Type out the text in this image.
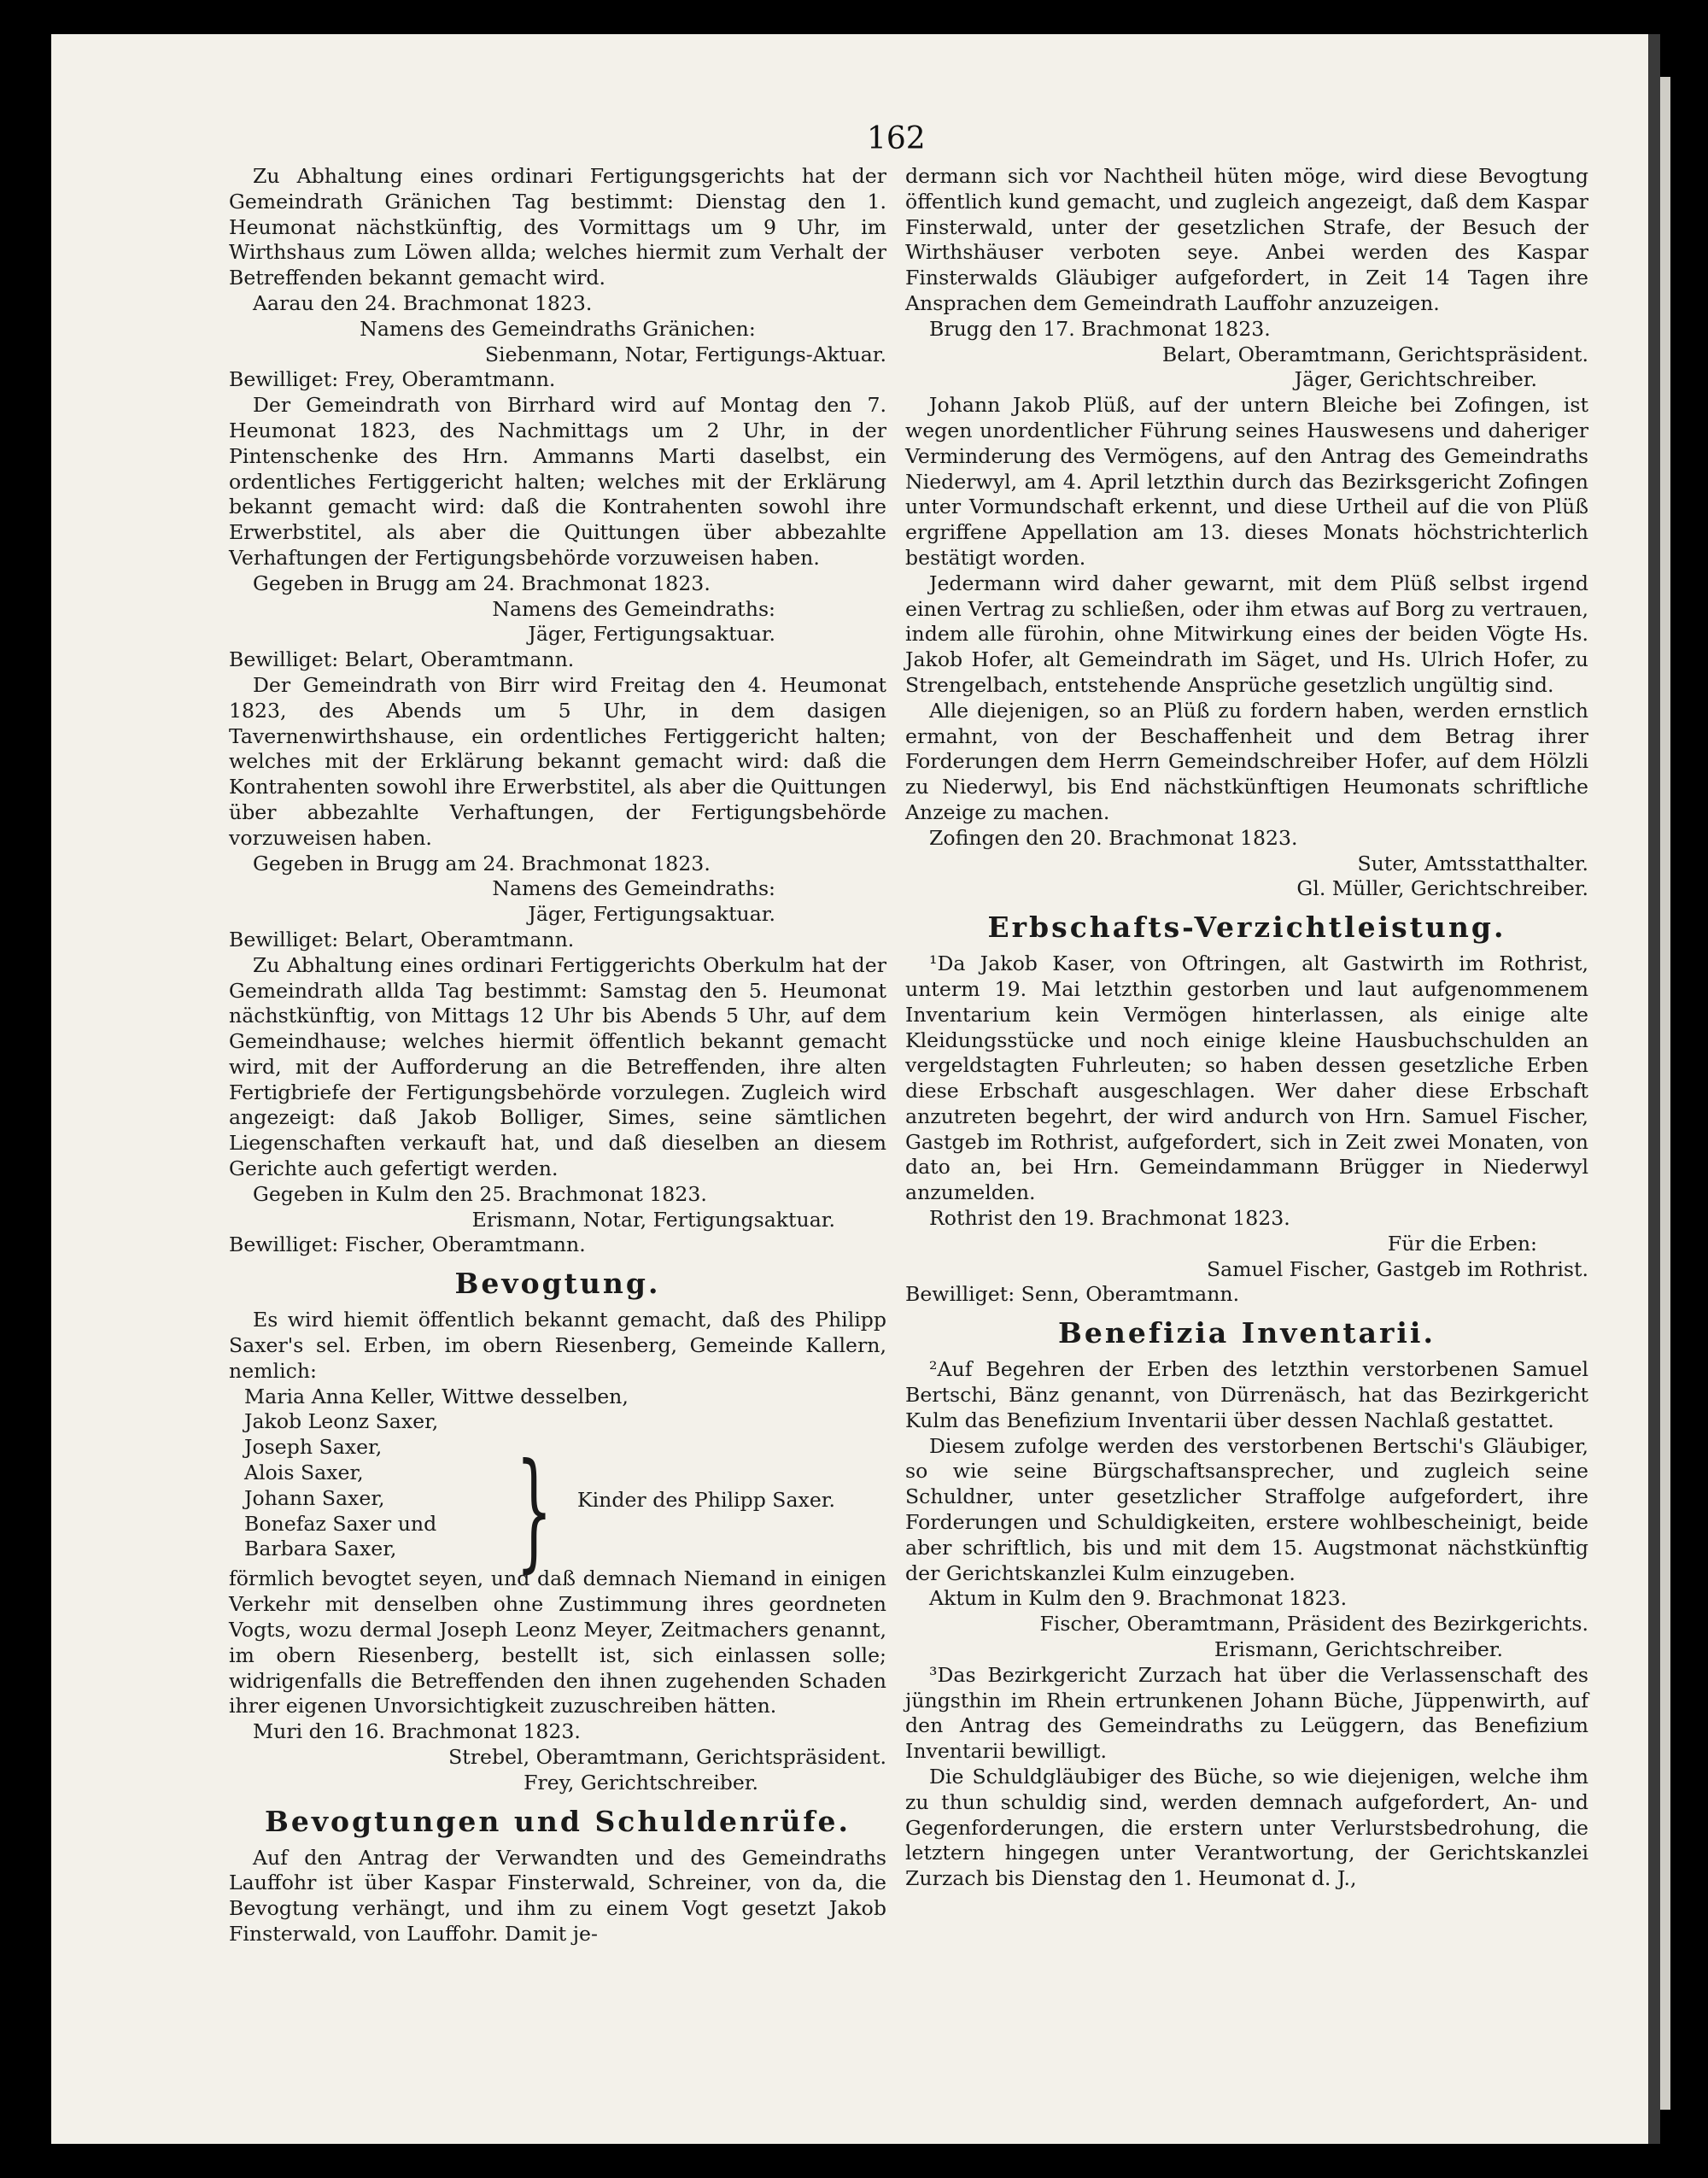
162

Zu Abhaltung eines ordinari Fertigungsgerichts hat der Gemeindrath Gränichen Tag bestimmt: Dienstag den 1. Heumonat nächstkünftig, des Vormittags um 9 Uhr, im Wirthshaus zum Löwen allda; welches hiermit zum Verhalt der Betreffenden bekannt gemacht wird.

Aarau den 24. Brachmonat 1823.

Namens des Gemeindraths Gränichen:

Siebenmann, Notar, Fertigungs-Aktuar.

Bewilliget: Frey, Oberamtmann.

Der Gemeindrath von Birrhard wird auf Montag den 7. Heumonat 1823, des Nachmittags um 2 Uhr, in der Pintenschenke des Hrn. Ammanns Marti daselbst, ein ordentliches Fertiggericht halten; welches mit der Erklärung bekannt gemacht wird: daß die Kontrahenten sowohl ihre Erwerbstitel, als aber die Quittungen über abbezahlte Verhaftungen der Fertigungsbehörde vorzuweisen haben.

Gegeben in Brugg am 24. Brachmonat 1823.

Namens des Gemeindraths:

Jäger, Fertigungsaktuar.

Bewilliget: Belart, Oberamtmann.

Der Gemeindrath von Birr wird Freitag den 4. Heumonat 1823, des Abends um 5 Uhr, in dem dasigen Tavernenwirthshause, ein ordentliches Fertiggericht halten; welches mit der Erklärung bekannt gemacht wird: daß die Kontrahenten sowohl ihre Erwerbstitel, als aber die Quittungen über abbezahlte Verhaftungen, der Fertigungsbehörde vorzuweisen haben.

Gegeben in Brugg am 24. Brachmonat 1823.

Namens des Gemeindraths:

Jäger, Fertigungsaktuar.

Bewilliget: Belart, Oberamtmann.

Zu Abhaltung eines ordinari Fertiggerichts Oberkulm hat der Gemeindrath allda Tag bestimmt: Samstag den 5. Heumonat nächstkünftig, von Mittags 12 Uhr bis Abends 5 Uhr, auf dem Gemeindhause; welches hiermit öffentlich bekannt gemacht wird, mit der Aufforderung an die Betreffenden, ihre alten Fertigbriefe der Fertigungsbehörde vorzulegen. Zugleich wird angezeigt: daß Jakob Bolliger, Simes, seine sämtlichen Liegenschaften verkauft hat, und daß dieselben an diesem Gerichte auch gefertigt werden.

Gegeben in Kulm den 25. Brachmonat 1823.

Erismann, Notar, Fertigungsaktuar.

Bewilliget: Fischer, Oberamtmann.

Bevogtung.

Es wird hiemit öffentlich bekannt gemacht, daß des Philipp Saxer's sel. Erben, im obern Riesenberg, Gemeinde Kallern, nemlich:

Maria Anna Keller, Wittwe desselben,

Jakob Leonz Saxer,
Joseph Saxer,
Alois Saxer,
Johann Saxer,
Bonefaz Saxer und
Barbara Saxer, } Kinder des Philipp Saxer.

förmlich bevogtet seyen, und daß demnach Niemand in einigen Verkehr mit denselben ohne Zustimmung ihres geordneten Vogts, wozu dermal Joseph Leonz Meyer, Zeitmachers genannt, im obern Riesenberg, bestellt ist, sich einlassen solle; widrigenfalls die Betreffenden den ihnen zugehenden Schaden ihrer eigenen Unvorsichtigkeit zuzuschreiben hätten.

Muri den 16. Brachmonat 1823.

Strebel, Oberamtmann, Gerichtspräsident.

Frey, Gerichtschreiber.

Bevogtungen und Schuldenrüfe.

Auf den Antrag der Verwandten und des Gemeindraths Lauffohr ist über Kaspar Finsterwald, Schreiner, von da, die Bevogtung verhängt, und ihm zu einem Vogt gesetzt Jakob Finsterwald, von Lauffohr. Damit je-

dermann sich vor Nachtheil hüten möge, wird diese Bevogtung öffentlich kund gemacht, und zugleich angezeigt, daß dem Kaspar Finsterwald, unter der gesetzlichen Strafe, der Besuch der Wirthshäuser verboten seye. Anbei werden des Kaspar Finsterwalds Gläubiger aufgefordert, in Zeit 14 Tagen ihre Ansprachen dem Gemeindrath Lauffohr anzuzeigen.

Brugg den 17. Brachmonat 1823.

Belart, Oberamtmann, Gerichtspräsident.

Jäger, Gerichtschreiber.

Johann Jakob Plüß, auf der untern Bleiche bei Zofingen, ist wegen unordentlicher Führung seines Hauswesens und daheriger Verminderung des Vermögens, auf den Antrag des Gemeindraths Niederwyl, am 4. April letzthin durch das Bezirksgericht Zofingen unter Vormundschaft erkennt, und diese Urtheil auf die von Plüß ergriffene Appellation am 13. dieses Monats höchstrichterlich bestätigt worden.

Jedermann wird daher gewarnt, mit dem Plüß selbst irgend einen Vertrag zu schließen, oder ihm etwas auf Borg zu vertrauen, indem alle fürohin, ohne Mitwirkung eines der beiden Vögte Hs. Jakob Hofer, alt Gemeindrath im Säget, und Hs. Ulrich Hofer, zu Strengelbach, entstehende Ansprüche gesetzlich ungültig sind.

Alle diejenigen, so an Plüß zu fordern haben, werden ernstlich ermahnt, von der Beschaffenheit und dem Betrag ihrer Forderungen dem Herrn Gemeindschreiber Hofer, auf dem Hölzli zu Niederwyl, bis End nächstkünftigen Heumonats schriftliche Anzeige zu machen.

Zofingen den 20. Brachmonat 1823.

Suter, Amtsstatthalter.

Gl. Müller, Gerichtschreiber.

Erbschafts-Verzichtleistung.

¹Da Jakob Kaser, von Oftringen, alt Gastwirth im Rothrist, unterm 19. Mai letzthin gestorben und laut aufgenommenem Inventarium kein Vermögen hinterlassen, als einige alte Kleidungsstücke und noch einige kleine Hausbuchschulden an vergeldstagten Fuhrleuten; so haben dessen gesetzliche Erben diese Erbschaft ausgeschlagen. Wer daher diese Erbschaft anzutreten begehrt, der wird andurch von Hrn. Samuel Fischer, Gastgeb im Rothrist, aufgefordert, sich in Zeit zwei Monaten, von dato an, bei Hrn. Gemeindammann Brügger in Niederwyl anzumelden.

Rothrist den 19. Brachmonat 1823.

Für die Erben:

Samuel Fischer, Gastgeb im Rothrist.

Bewilliget: Senn, Oberamtmann.

Benefizia Inventarii.

²Auf Begehren der Erben des letzthin verstorbenen Samuel Bertschi, Bänz genannt, von Dürrenäsch, hat das Bezirkgericht Kulm das Benefizium Inventarii über dessen Nachlaß gestattet.

Diesem zufolge werden des verstorbenen Bertschi's Gläubiger, so wie seine Bürgschaftsansprecher, und zugleich seine Schuldner, unter gesetzlicher Straffolge aufgefordert, ihre Forderungen und Schuldigkeiten, erstere wohlbescheinigt, beide aber schriftlich, bis und mit dem 15. Augstmonat nächstkünftig der Gerichtskanzlei Kulm einzugeben.

Aktum in Kulm den 9. Brachmonat 1823.

Fischer, Oberamtmann, Präsident des Bezirkgerichts.

Erismann, Gerichtschreiber.

³Das Bezirkgericht Zurzach hat über die Verlassenschaft des jüngsthin im Rhein ertrunkenen Johann Büche, Jüppenwirth, auf den Antrag des Gemeindraths zu Leüggern, das Benefizium Inventarii bewilligt.

Die Schuldgläubiger des Büche, so wie diejenigen, welche ihm zu thun schuldig sind, werden demnach aufgefordert, An- und Gegenforderungen, die erstern unter Verlurstsbedrohung, die letztern hingegen unter Verantwortung, der Gerichtskanzlei Zurzach bis Dienstag den 1. Heumonat d. J.,
